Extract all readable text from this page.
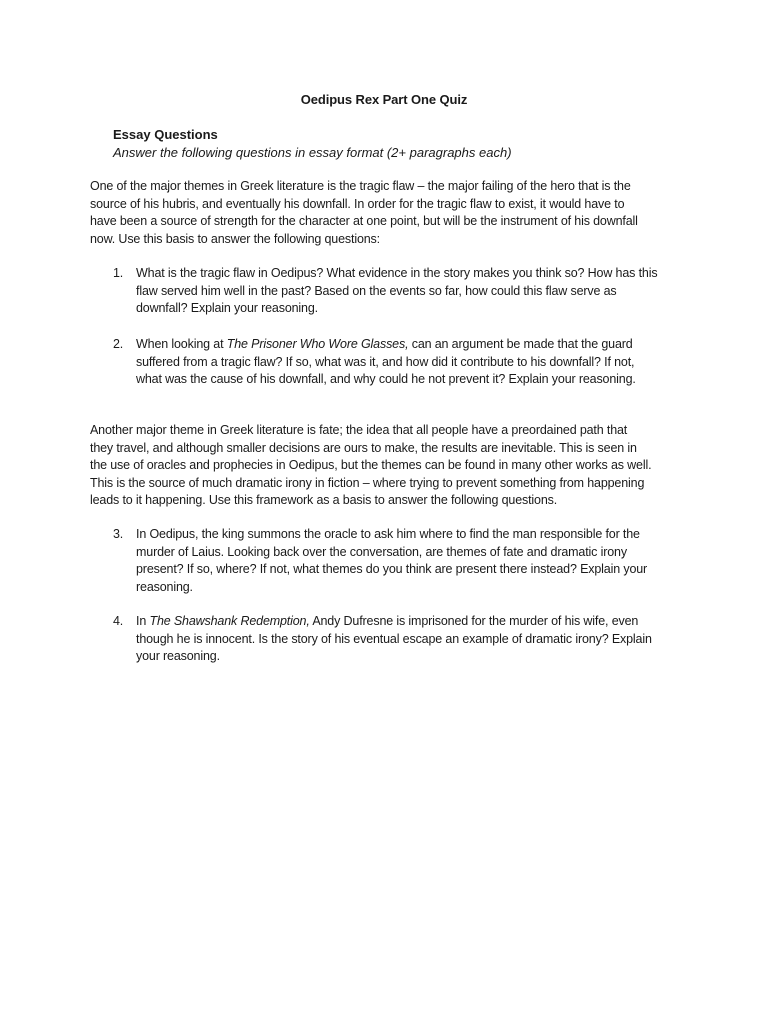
Oedipus Rex Part One Quiz
Essay Questions
Answer the following questions in essay format (2+ paragraphs each)
One of the major themes in Greek literature is the tragic flaw – the major failing of the hero that is the
source of his hubris, and eventually his downfall. In order for the tragic flaw to exist, it would have to
have been a source of strength for the character at one point, but will be the instrument of his downfall
now. Use this basis to answer the following questions:
1.	What is the tragic flaw in Oedipus? What evidence in the story makes you think so? How has this
flaw served him well in the past? Based on the events so far, how could this flaw serve as
downfall? Explain your reasoning.
2.	When looking at The Prisoner Who Wore Glasses, can an argument be made that the guard
suffered from a tragic flaw? If so, what was it, and how did it contribute to his downfall? If not,
what was the cause of his downfall, and why could he not prevent it? Explain your reasoning.
Another major theme in Greek literature is fate; the idea that all people have a preordained path that
they travel, and although smaller decisions are ours to make, the results are inevitable. This is seen in
the use of oracles and prophecies in Oedipus, but the themes can be found in many other works as well.
This is the source of much dramatic irony in fiction – where trying to prevent something from happening
leads to it happening. Use this framework as a basis to answer the following questions.
3.	In Oedipus, the king summons the oracle to ask him where to find the man responsible for the
murder of Laius. Looking back over the conversation, are themes of fate and dramatic irony
present? If so, where? If not, what themes do you think are present there instead? Explain your
reasoning.
4.	In The Shawshank Redemption, Andy Dufresne is imprisoned for the murder of his wife, even
though he is innocent. Is the story of his eventual escape an example of dramatic irony? Explain
your reasoning.
